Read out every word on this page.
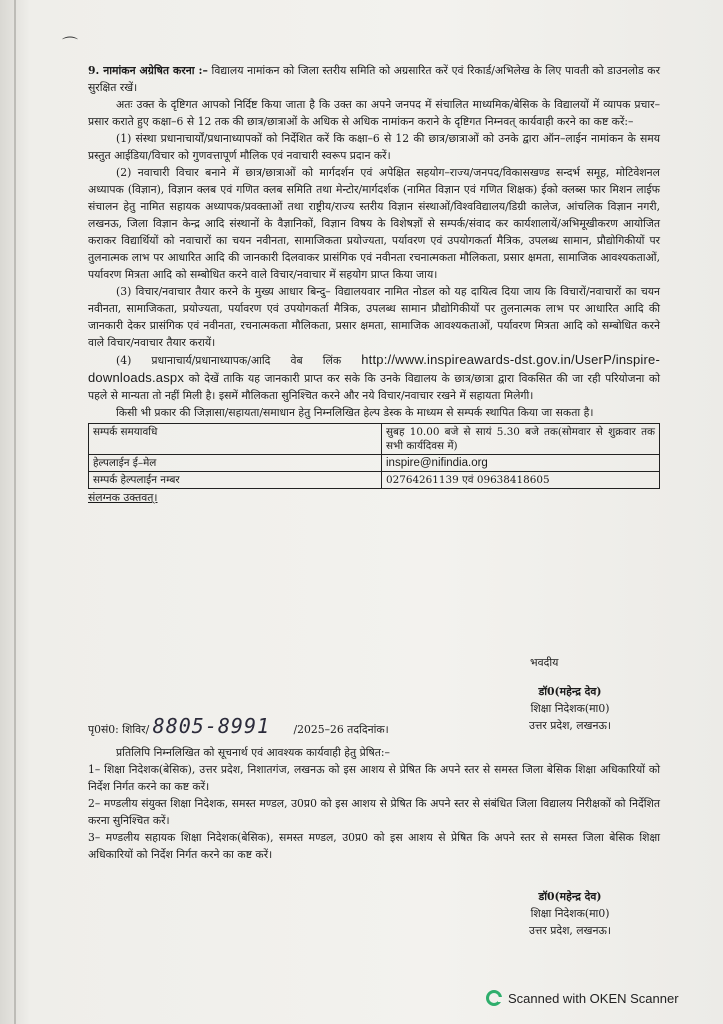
⌒

9. नामांकन अग्रेषित करना :– विद्यालय नामांकन को जिला स्तरीय समिति को अग्रसारित करें एवं रिकार्ड/अभिलेख के लिए पावती को डाउनलोड कर सुरक्षित रखें।

अतः उक्त के दृष्टिगत आपको निर्दिष्ट किया जाता है कि उक्त का अपने जनपद में संचालित माध्यमिक/बेसिक के विद्यालयों में व्यापक प्रचार–प्रसार कराते हुए कक्षा–6 से 12 तक की छात्र/छात्राओं के अधिक से अधिक नामांकन कराने के दृष्टिगत निम्नवत् कार्यवाही करने का कष्ट करें:–

(1) संस्था प्रधानाचार्यों/प्रधानाध्यापकों को निर्देशित करें कि कक्षा–6 से 12 की छात्र/छात्राओं को उनके द्वारा ऑन–लाईन नामांकन के समय प्रस्तुत आईडिया/विचार को गुणवत्तापूर्ण मौलिक एवं नवाचारी स्वरूप प्रदान करें।

(2) नवाचारी विचार बनाने में छात्र/छात्राओं को मार्गदर्शन एवं अपेक्षित सहयोग–राज्य/जनपद/विकासखण्ड सन्दर्भ समूह, मोटिवेशनल अध्यापक (विज्ञान), विज्ञान क्लब एवं गणित क्लब समिति तथा मेन्टोर/मार्गदर्शक (नामित विज्ञान एवं गणित शिक्षक) ईको क्लब्स फार मिशन लाईफ संचालन हेतु नामित सहायक अध्यापक/प्रवक्ताओं तथा राष्ट्रीय/राज्य स्तरीय विज्ञान संस्थाओं/विश्वविद्यालय/डिग्री कालेज, आंचलिक विज्ञान नगरी, लखनऊ, जिला विज्ञान केन्द्र आदि संस्थानों के वैज्ञानिकों, विज्ञान विषय के विशेषज्ञों से सम्पर्क/संवाद कर कार्यशालायें/अभिमूखीकरण आयोजित कराकर विद्यार्थियों को नवाचारों का चयन नवीनता, सामाजिकता प्रयोज्यता, पर्यावरण एवं उपयोगकर्ता मैत्रिक, उपलब्ध सामान, प्रौद्योगिकीयों पर तुलनात्मक लाभ पर आधारित आदि की जानकारी दिलवाकर प्रासंगिक एवं नवीनता रचनात्मकता मौलिकता, प्रसार क्षमता, सामाजिक आवश्यकताओं, पर्यावरण मित्रता आदि को सम्बोधित करने वाले विचार/नवाचार में सहयोग प्राप्त किया जाय।

(3) विचार/नवाचार तैयार करने के मुख्य आधार बिन्दु– विद्यालयवार नामित नोडल को यह दायित्व दिया जाय कि विचारों/नवाचारों का चयन नवीनता, सामाजिकता, प्रयोज्यता, पर्यावरण एवं उपयोगकर्ता मैत्रिक, उपलब्ध सामान प्रौद्योगिकीयों पर तुलनात्मक लाभ पर आधारित आदि की जानकारी देकर प्रासंगिक एवं नवीनता, रचनात्मकता मौलिकता, प्रसार क्षमता, सामाजिक आवश्यकताओं, पर्यावरण मित्रता आदि को सम्बोधित करने वाले विचार/नवाचार तैयार करायें।

(4) प्रधानाचार्य/प्रधानाध्यापक/आदि वेब लिंक http://www.inspireawards-dst.gov.in/UserP/inspire-downloads.aspx को देखें ताकि यह जानकारी प्राप्त कर सके कि उनके विद्यालय के छात्र/छात्रा द्वारा विकसित की जा रही परियोजना को पहले से मान्यता तो नहीं मिली है। इसमें मौलिकता सुनिश्चित करने और नये विचार/नवाचार रखने में सहायता मिलेगी।

किसी भी प्रकार की जिज्ञासा/सहायता/समाधान हेतु निम्नलिखित हेल्प डेस्क के माध्यम से सम्पर्क स्थापित किया जा सकता है।

सम्पर्क समयावधि	सुबह 10.00 बजे से सायं 5.30 बजे तक(सोमवार से शुक्रवार तक सभी कार्यदिवस में)
हेल्पलाईन ई–मेल	inspire@nifindia.org
सम्पर्क हेल्पलाईन नम्बर	02764261139 एवं 09638418605

संलग्नक उक्तवत्।

भवदीय
डॉ0(महेन्द्र देव)
शिक्षा निदेशक(मा0)
उत्तर प्रदेश, लखनऊ।
पृ0सं0: शिविर/ 8805-8991 /2025–26 तददिनांक।

प्रतिलिपि निम्नलिखित को सूचनार्थ एवं आवश्यक कार्यवाही हेतु प्रेषित:–

1– शिक्षा निदेशक(बेसिक), उत्तर प्रदेश, निशातगंज, लखनऊ को इस आशय से प्रेषित कि अपने स्तर से समस्त जिला बेसिक शिक्षा अधिकारियों को निर्देश निर्गत करने का कष्ट करें।

2– मण्डलीय संयुक्त शिक्षा निदेशक, समस्त मण्डल, उ0प्र0 को इस आशय से प्रेषित कि अपने स्तर से संबंधित जिला विद्यालय निरीक्षकों को निर्देशित करना सुनिश्चित करें।

3– मण्डलीय सहायक शिक्षा निदेशक(बेसिक), समस्त मण्डल, उ0प्र0 को इस आशय से प्रेषित कि अपने स्तर से समस्त जिला बेसिक शिक्षा अधिकारियों को निर्देश निर्गत करने का कष्ट करें।

डॉ0(महेन्द्र देव)
शिक्षा निदेशक(मा0)
उत्तर प्रदेश, लखनऊ।
Scanned with OKEN Scanner
